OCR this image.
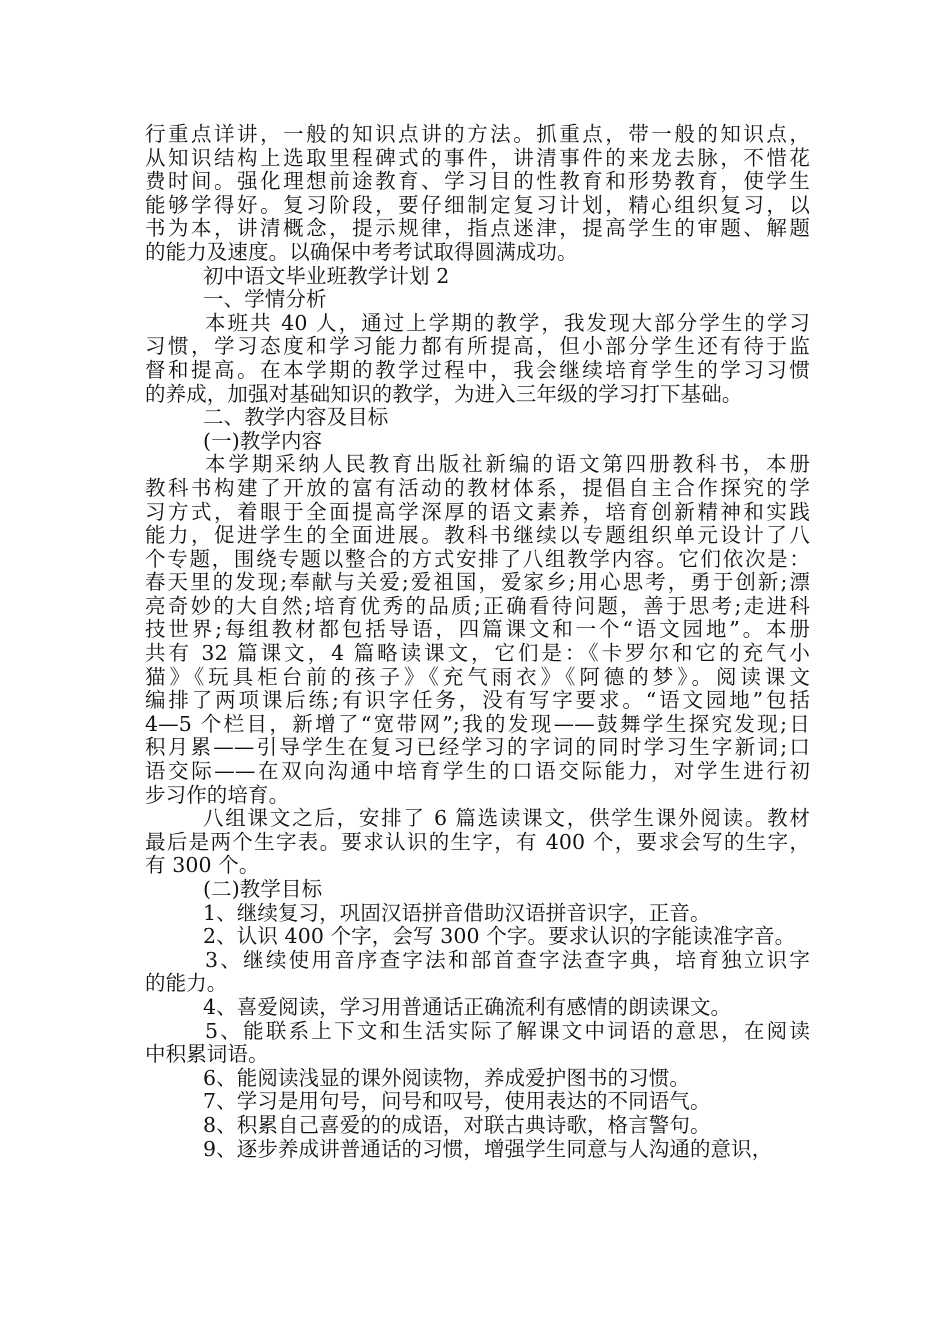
行重点详讲，一般的知识点讲的方法。抓重点，带一般的知识点，
从知识结构上选取里程碑式的事件，讲清事件的来龙去脉，不惜花
费时间。强化理想前途教育、学习目的性教育和形势教育，使学生
能够学得好。复习阶段，要仔细制定复习计划，精心组织复习，以
书为本，讲清概念，提示规律，指点迷津，提高学生的审题、解题
的能力及速度。以确保中考考试取得圆满成功。
初中语文毕业班教学计划 2
一、学情分析
本班共 40 人，通过上学期的教学，我发现大部分学生的学习
习惯，学习态度和学习能力都有所提高，但小部分学生还有待于监
督和提高。在本学期的教学过程中，我会继续培育学生的学习习惯
的养成，加强对基础知识的教学，为进入三年级的学习打下基础。
二、教学内容及目标
(一)教学内容
本学期采纳人民教育出版社新编的语文第四册教科书，本册
教科书构建了开放的富有活动的教材体系，提倡自主合作探究的学
习方式，着眼于全面提高学深厚的语文素养，培育创新精神和实践
能力，促进学生的全面进展。教科书继续以专题组织单元设计了八
个专题，围绕专题以整合的方式安排了八组教学内容。它们依次是：
春天里的发现;奉献与关爱;爱祖国，爱家乡;用心思考，勇于创新;漂
亮奇妙的大自然;培育优秀的品质;正确看待问题，善于思考;走进科
技世界;每组教材都包括导语，四篇课文和一个“语文园地”。本册
共有 32 篇课文，4 篇略读课文，它们是：《卡罗尔和它的充气小
猫》《玩具柜台前的孩子》《充气雨衣》《阿德的梦》。阅读课文
编排了两项课后练;有识字任务，没有写字要求。“语文园地”包括
4—5 个栏目，新增了“宽带网”;我的发现——鼓舞学生探究发现;日
积月累——引导学生在复习已经学习的字词的同时学习生字新词;口
语交际——在双向沟通中培育学生的口语交际能力，对学生进行初
步习作的培育。
八组课文之后，安排了 6 篇选读课文，供学生课外阅读。教材
最后是两个生字表。要求认识的生字，有 400 个，要求会写的生字，
有 300 个。
(二)教学目标
1、继续复习，巩固汉语拼音借助汉语拼音识字，正音。
2、认识 400 个字，会写 300 个字。要求认识的字能读准字音。
3、继续使用音序查字法和部首查字法查字典，培育独立识字
的能力。
4、喜爱阅读，学习用普通话正确流利有感情的朗读课文。
5、能联系上下文和生活实际了解课文中词语的意思，在阅读
中积累词语。
6、能阅读浅显的课外阅读物，养成爱护图书的习惯。
7、学习是用句号，问号和叹号，使用表达的不同语气。
8、积累自己喜爱的的成语，对联古典诗歌，格言警句。
9、逐步养成讲普通话的习惯，增强学生同意与人沟通的意识，
